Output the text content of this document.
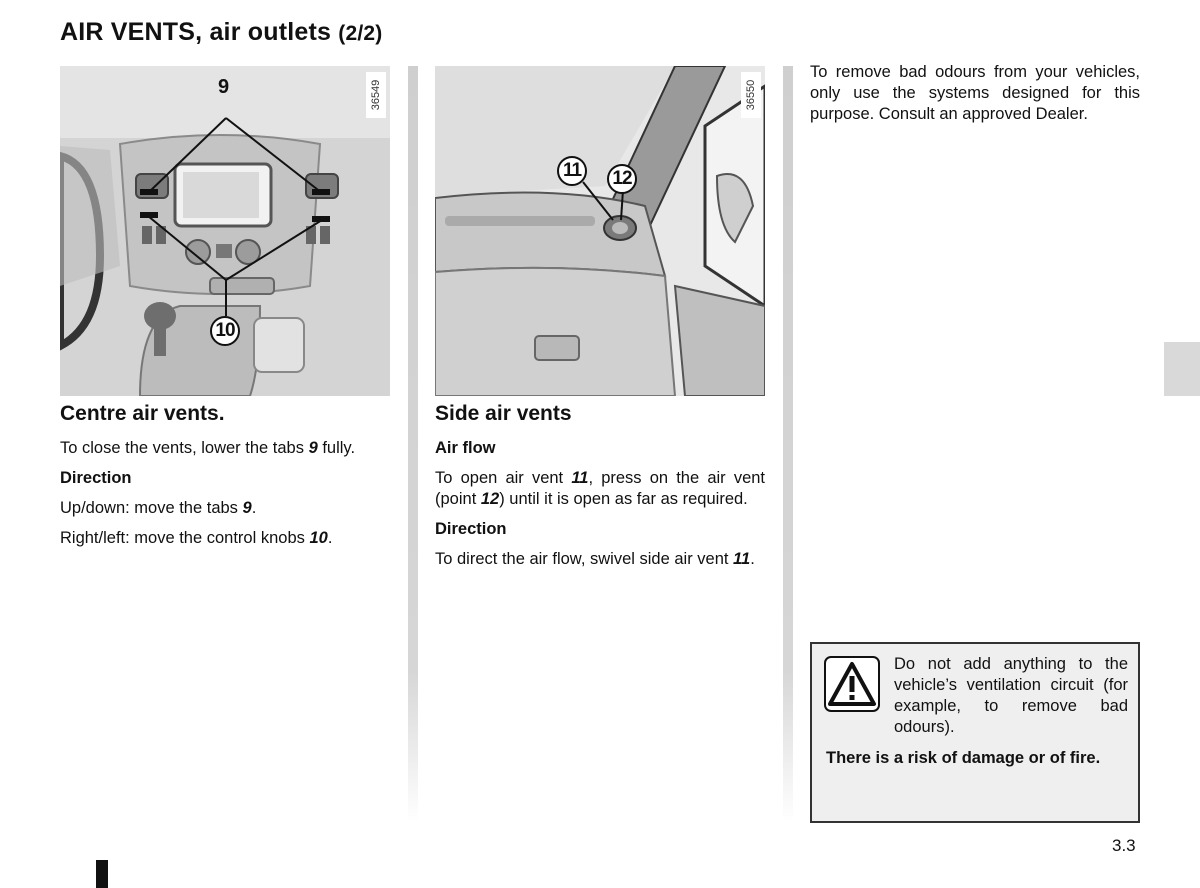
AIR VENTS, air outlets (2/2)
36549
9
10
36550
11	12
Centre air vents.

To close the vents, lower the tabs 9 fully.

Direction

Up/down: move the tabs 9.

Right/left: move the control knobs 10.

Side air vents

Air flow

To open air vent 11, press on the air vent (point 12) until it is open as far as required.

Direction

To direct the air flow, swivel side air vent 11.

To remove bad odours from your vehicles, only use the systems designed for this purpose. Consult an approved Dealer.

Do not add anything to the vehicle’s ventilation circuit (for example, to remove bad odours).
There is a risk of damage or of fire.
3.3
